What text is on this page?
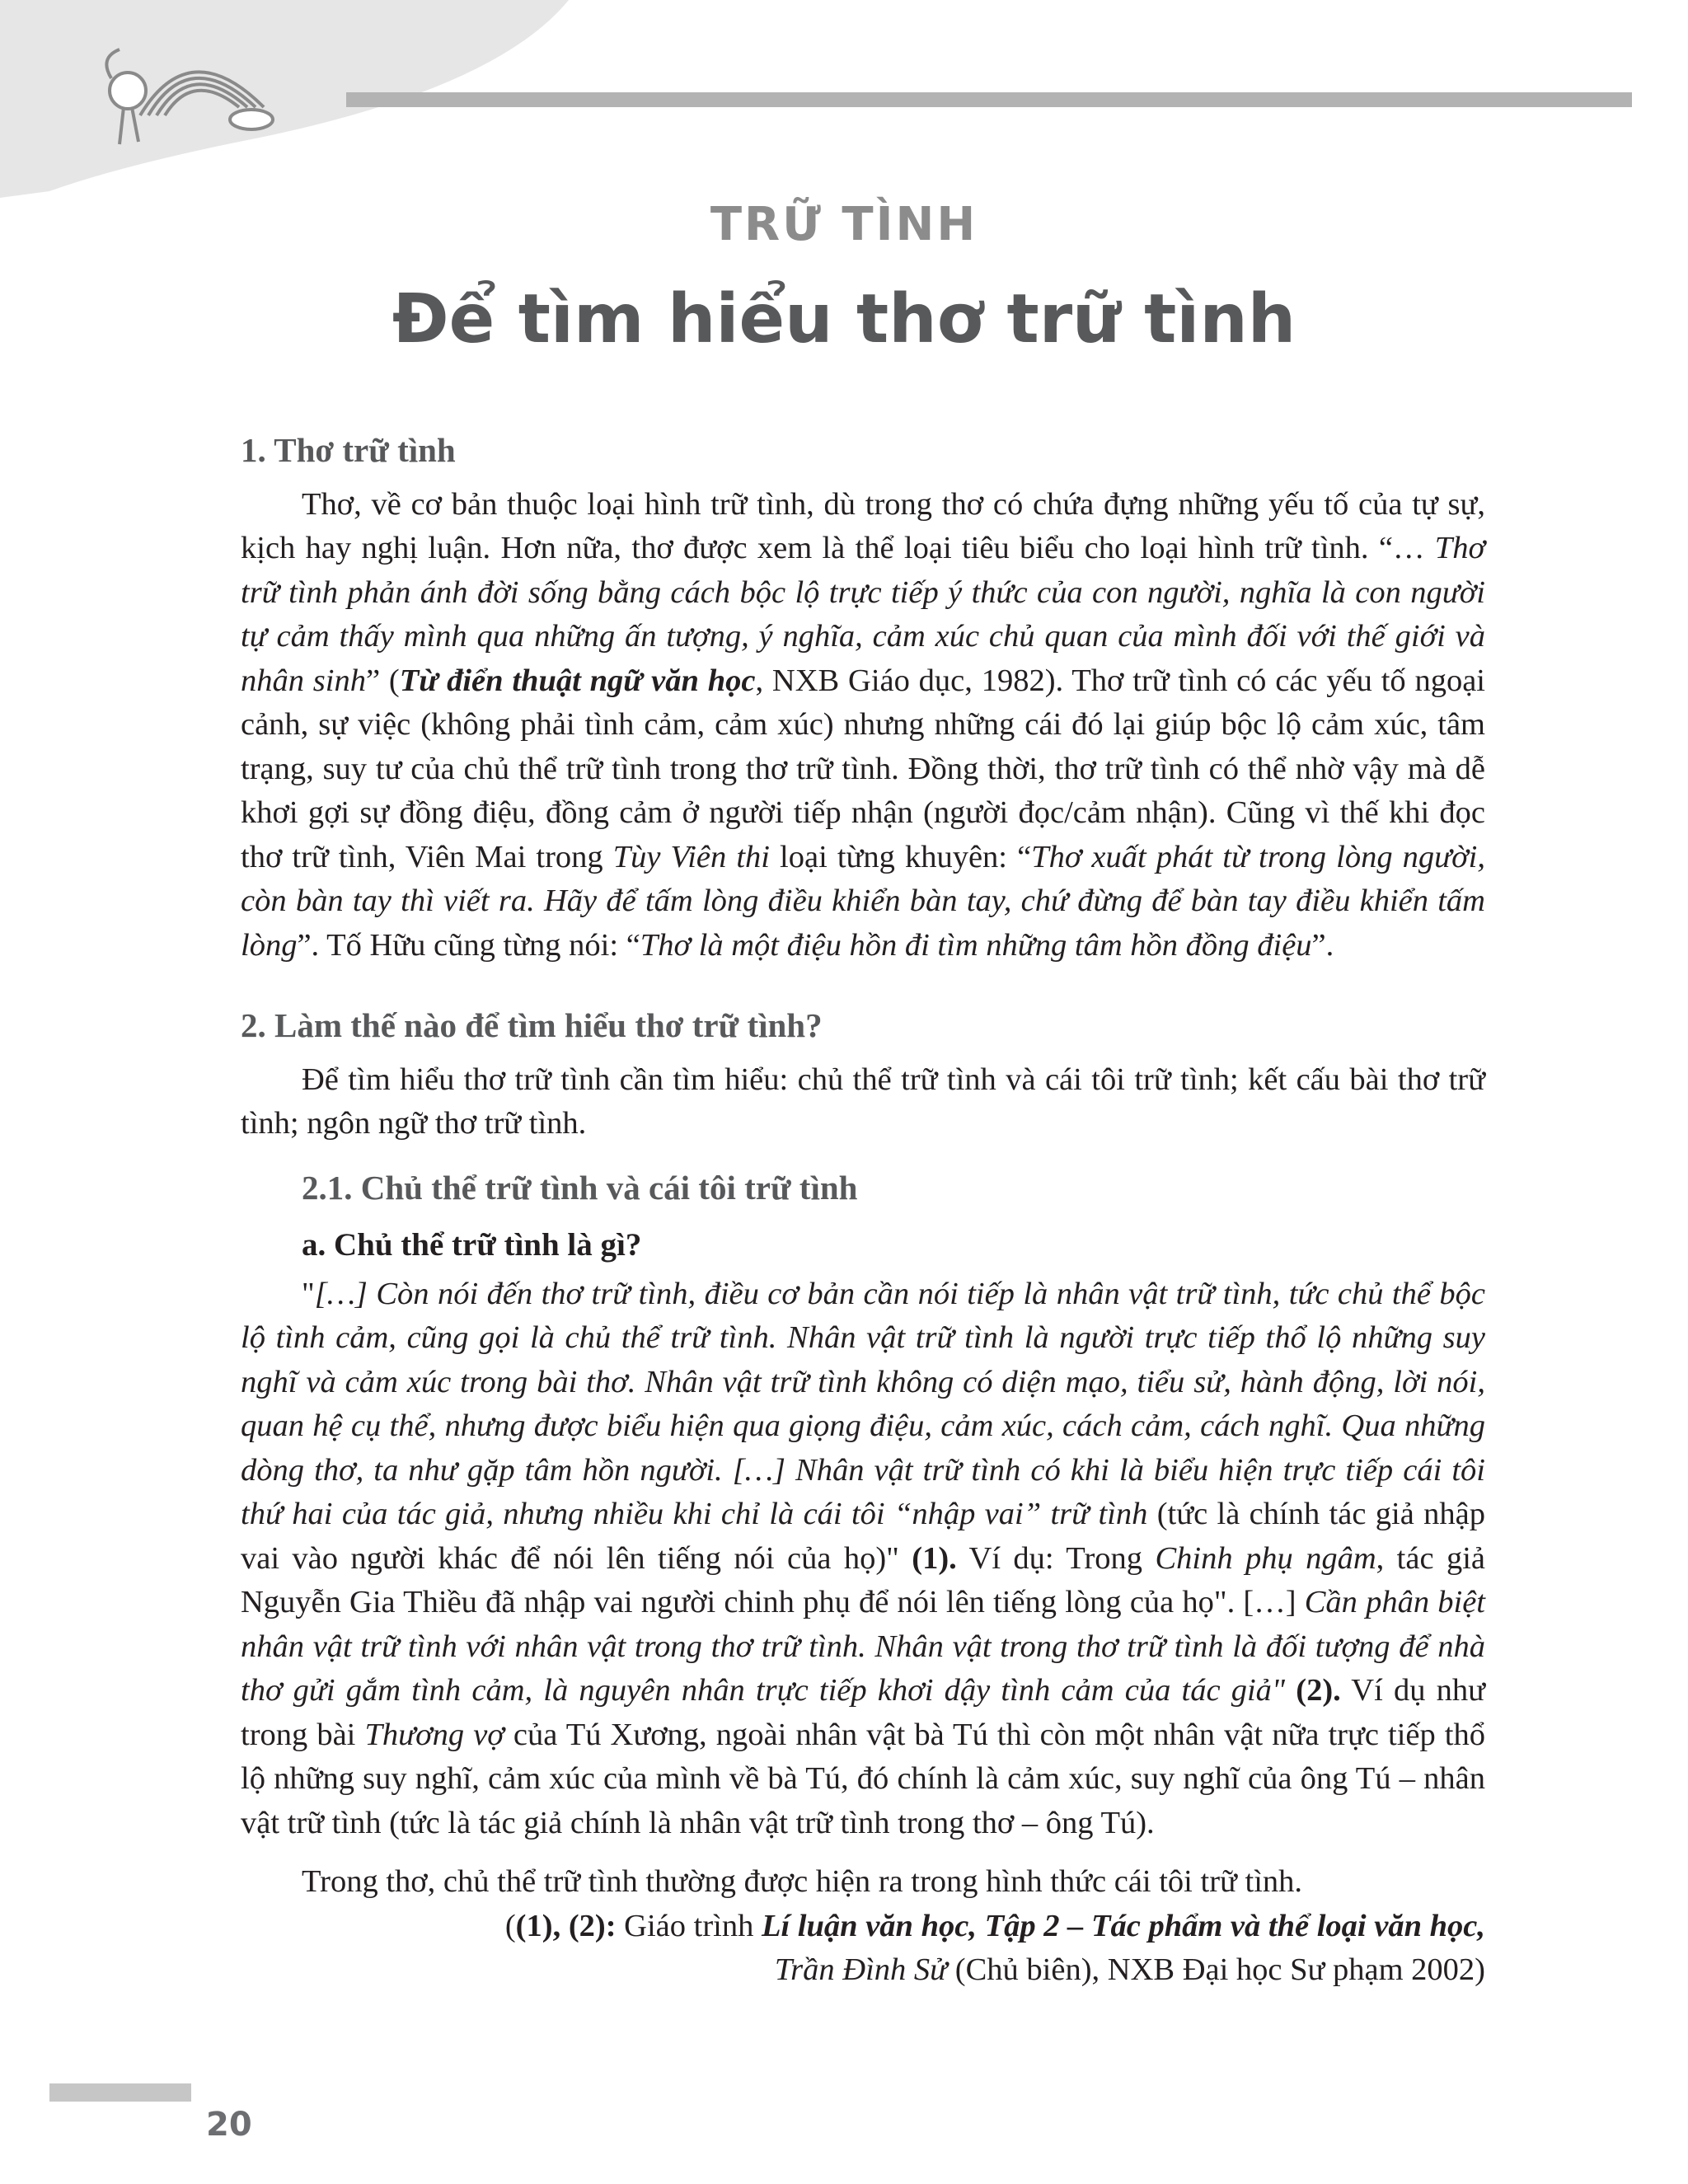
TRỮ TÌNH
Để tìm hiểu thơ trữ tình
1. Thơ trữ tình

Thơ, về cơ bản thuộc loại hình trữ tình, dù trong thơ có chứa đựng những yếu tố của tự sự, kịch hay nghị luận. Hơn nữa, thơ được xem là thể loại tiêu biểu cho loại hình trữ tình. “… Thơ trữ tình phản ánh đời sống bằng cách bộc lộ trực tiếp ý thức của con người, nghĩa là con người tự cảm thấy mình qua những ấn tượng, ý nghĩa, cảm xúc chủ quan của mình đối với thế giới và nhân sinh” (Từ điển thuật ngữ văn học, NXB Giáo dục, 1982). Thơ trữ tình có các yếu tố ngoại cảnh, sự việc (không phải tình cảm, cảm xúc) nhưng những cái đó lại giúp bộc lộ cảm xúc, tâm trạng, suy tư của chủ thể trữ tình trong thơ trữ tình. Đồng thời, thơ trữ tình có thể nhờ vậy mà dễ khơi gợi sự đồng điệu, đồng cảm ở người tiếp nhận (người đọc/cảm nhận). Cũng vì thế khi đọc thơ trữ tình, Viên Mai trong Tùy Viên thi loại từng khuyên: “Thơ xuất phát từ trong lòng người, còn bàn tay thì viết ra. Hãy để tấm lòng điều khiển bàn tay, chứ đừng để bàn tay điều khiển tấm lòng”. Tố Hữu cũng từng nói: “Thơ là một điệu hồn đi tìm những tâm hồn đồng điệu”.

2. Làm thế nào để tìm hiểu thơ trữ tình?

Để tìm hiểu thơ trữ tình cần tìm hiểu: chủ thể trữ tình và cái tôi trữ tình; kết cấu bài thơ trữ tình; ngôn ngữ thơ trữ tình.

2.1. Chủ thể trữ tình và cái tôi trữ tình
a. Chủ thể trữ tình là gì?

"[…] Còn nói đến thơ trữ tình, điều cơ bản cần nói tiếp là nhân vật trữ tình, tức chủ thể bộc lộ tình cảm, cũng gọi là chủ thể trữ tình. Nhân vật trữ tình là người trực tiếp thổ lộ những suy nghĩ và cảm xúc trong bài thơ. Nhân vật trữ tình không có diện mạo, tiểu sử, hành động, lời nói, quan hệ cụ thể, nhưng được biểu hiện qua giọng điệu, cảm xúc, cách cảm, cách nghĩ. Qua những dòng thơ, ta như gặp tâm hồn người. […] Nhân vật trữ tình có khi là biểu hiện trực tiếp cái tôi thứ hai của tác giả, nhưng nhiều khi chỉ là cái tôi “nhập vai” trữ tình (tức là chính tác giả nhập vai vào người khác để nói lên tiếng nói của họ)" (1). Ví dụ: Trong Chinh phụ ngâm, tác giả Nguyễn Gia Thiều đã nhập vai người chinh phụ để nói lên tiếng lòng của họ". […] Cần phân biệt nhân vật trữ tình với nhân vật trong thơ trữ tình. Nhân vật trong thơ trữ tình là đối tượng để nhà thơ gửi gắm tình cảm, là nguyên nhân trực tiếp khơi dậy tình cảm của tác giả" (2). Ví dụ như trong bài Thương vợ của Tú Xương, ngoài nhân vật bà Tú thì còn một nhân vật nữa trực tiếp thổ lộ những suy nghĩ, cảm xúc của mình về bà Tú, đó chính là cảm xúc, suy nghĩ của ông Tú – nhân vật trữ tình (tức là tác giả chính là nhân vật trữ tình trong thơ – ông Tú).

Trong thơ, chủ thể trữ tình thường được hiện ra trong hình thức cái tôi trữ tình.

((1), (2): Giáo trình Lí luận văn học, Tập 2 – Tác phẩm và thể loại văn học,
Trần Đình Sử (Chủ biên), NXB Đại học Sư phạm 2002)
20
